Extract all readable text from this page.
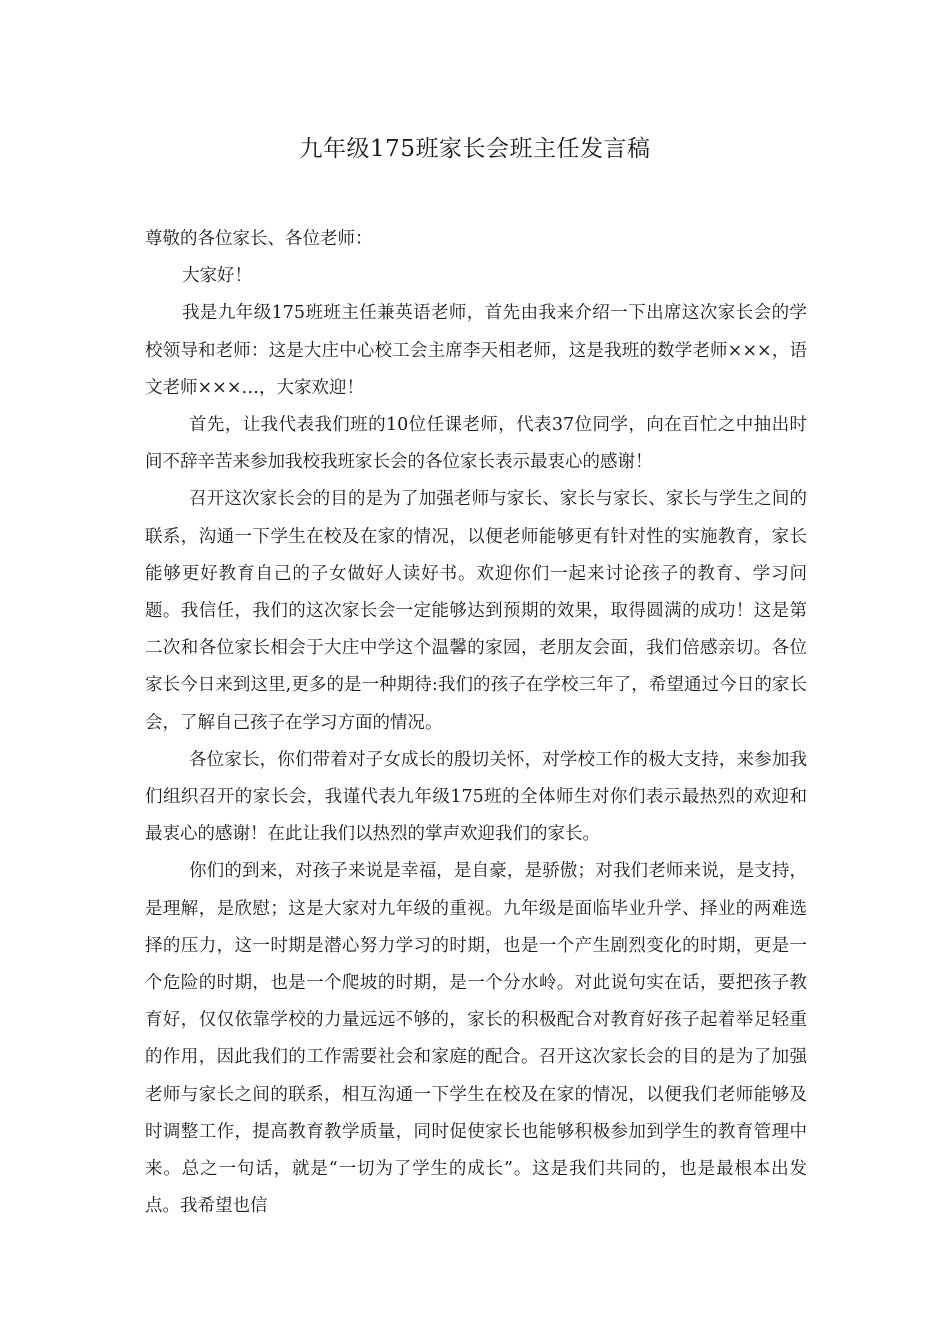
九年级175班家长会班主任发言稿

尊敬的各位家长、各位老师：

大家好！

我是九年级175班班主任兼英语老师，首先由我来介绍一下出席这次家长会的学校领导和老师：这是大庄中心校工会主席李天相老师，这是我班的数学老师×××，语文老师×××…，大家欢迎！

首先，让我代表我们班的10位任课老师，代表37位同学，向在百忙之中抽出时间不辞辛苦来参加我校我班家长会的各位家长表示最衷心的感谢！

召开这次家长会的目的是为了加强老师与家长、家长与家长、家长与学生之间的联系，沟通一下学生在校及在家的情况，以便老师能够更有针对性的实施教育，家长能够更好教育自己的子女做好人读好书。欢迎你们一起来讨论孩子的教育、学习问题。我信任，我们的这次家长会一定能够达到预期的效果，取得圆满的成功！这是第二次和各位家长相会于大庄中学这个温馨的家园，老朋友会面，我们倍感亲切。各位家长今日来到这里,更多的是一种期待:我们的孩子在学校三年了，希望通过今日的家长会，了解自己孩子在学习方面的情况。

各位家长，你们带着对子女成长的殷切关怀，对学校工作的极大支持，来参加我们组织召开的家长会，我谨代表九年级175班的全体师生对你们表示最热烈的欢迎和最衷心的感谢！在此让我们以热烈的掌声欢迎我们的家长。

你们的到来，对孩子来说是幸福，是自豪，是骄傲；对我们老师来说，是支持，是理解，是欣慰；这是大家对九年级的重视。九年级是面临毕业升学、择业的两难选择的压力，这一时期是潜心努力学习的时期，也是一个产生剧烈变化的时期，更是一个危险的时期，也是一个爬坡的时期，是一个分水岭。对此说句实在话，要把孩子教育好，仅仅依靠学校的力量远远不够的，家长的积极配合对教育好孩子起着举足轻重的作用，因此我们的工作需要社会和家庭的配合。召开这次家长会的目的是为了加强老师与家长之间的联系，相互沟通一下学生在校及在家的情况，以便我们老师能够及时调整工作，提高教育教学质量，同时促使家长也能够积极参加到学生的教育管理中来。总之一句话，就是“一切为了学生的成长”。这是我们共同的，也是最根本出发点。我希望也信
